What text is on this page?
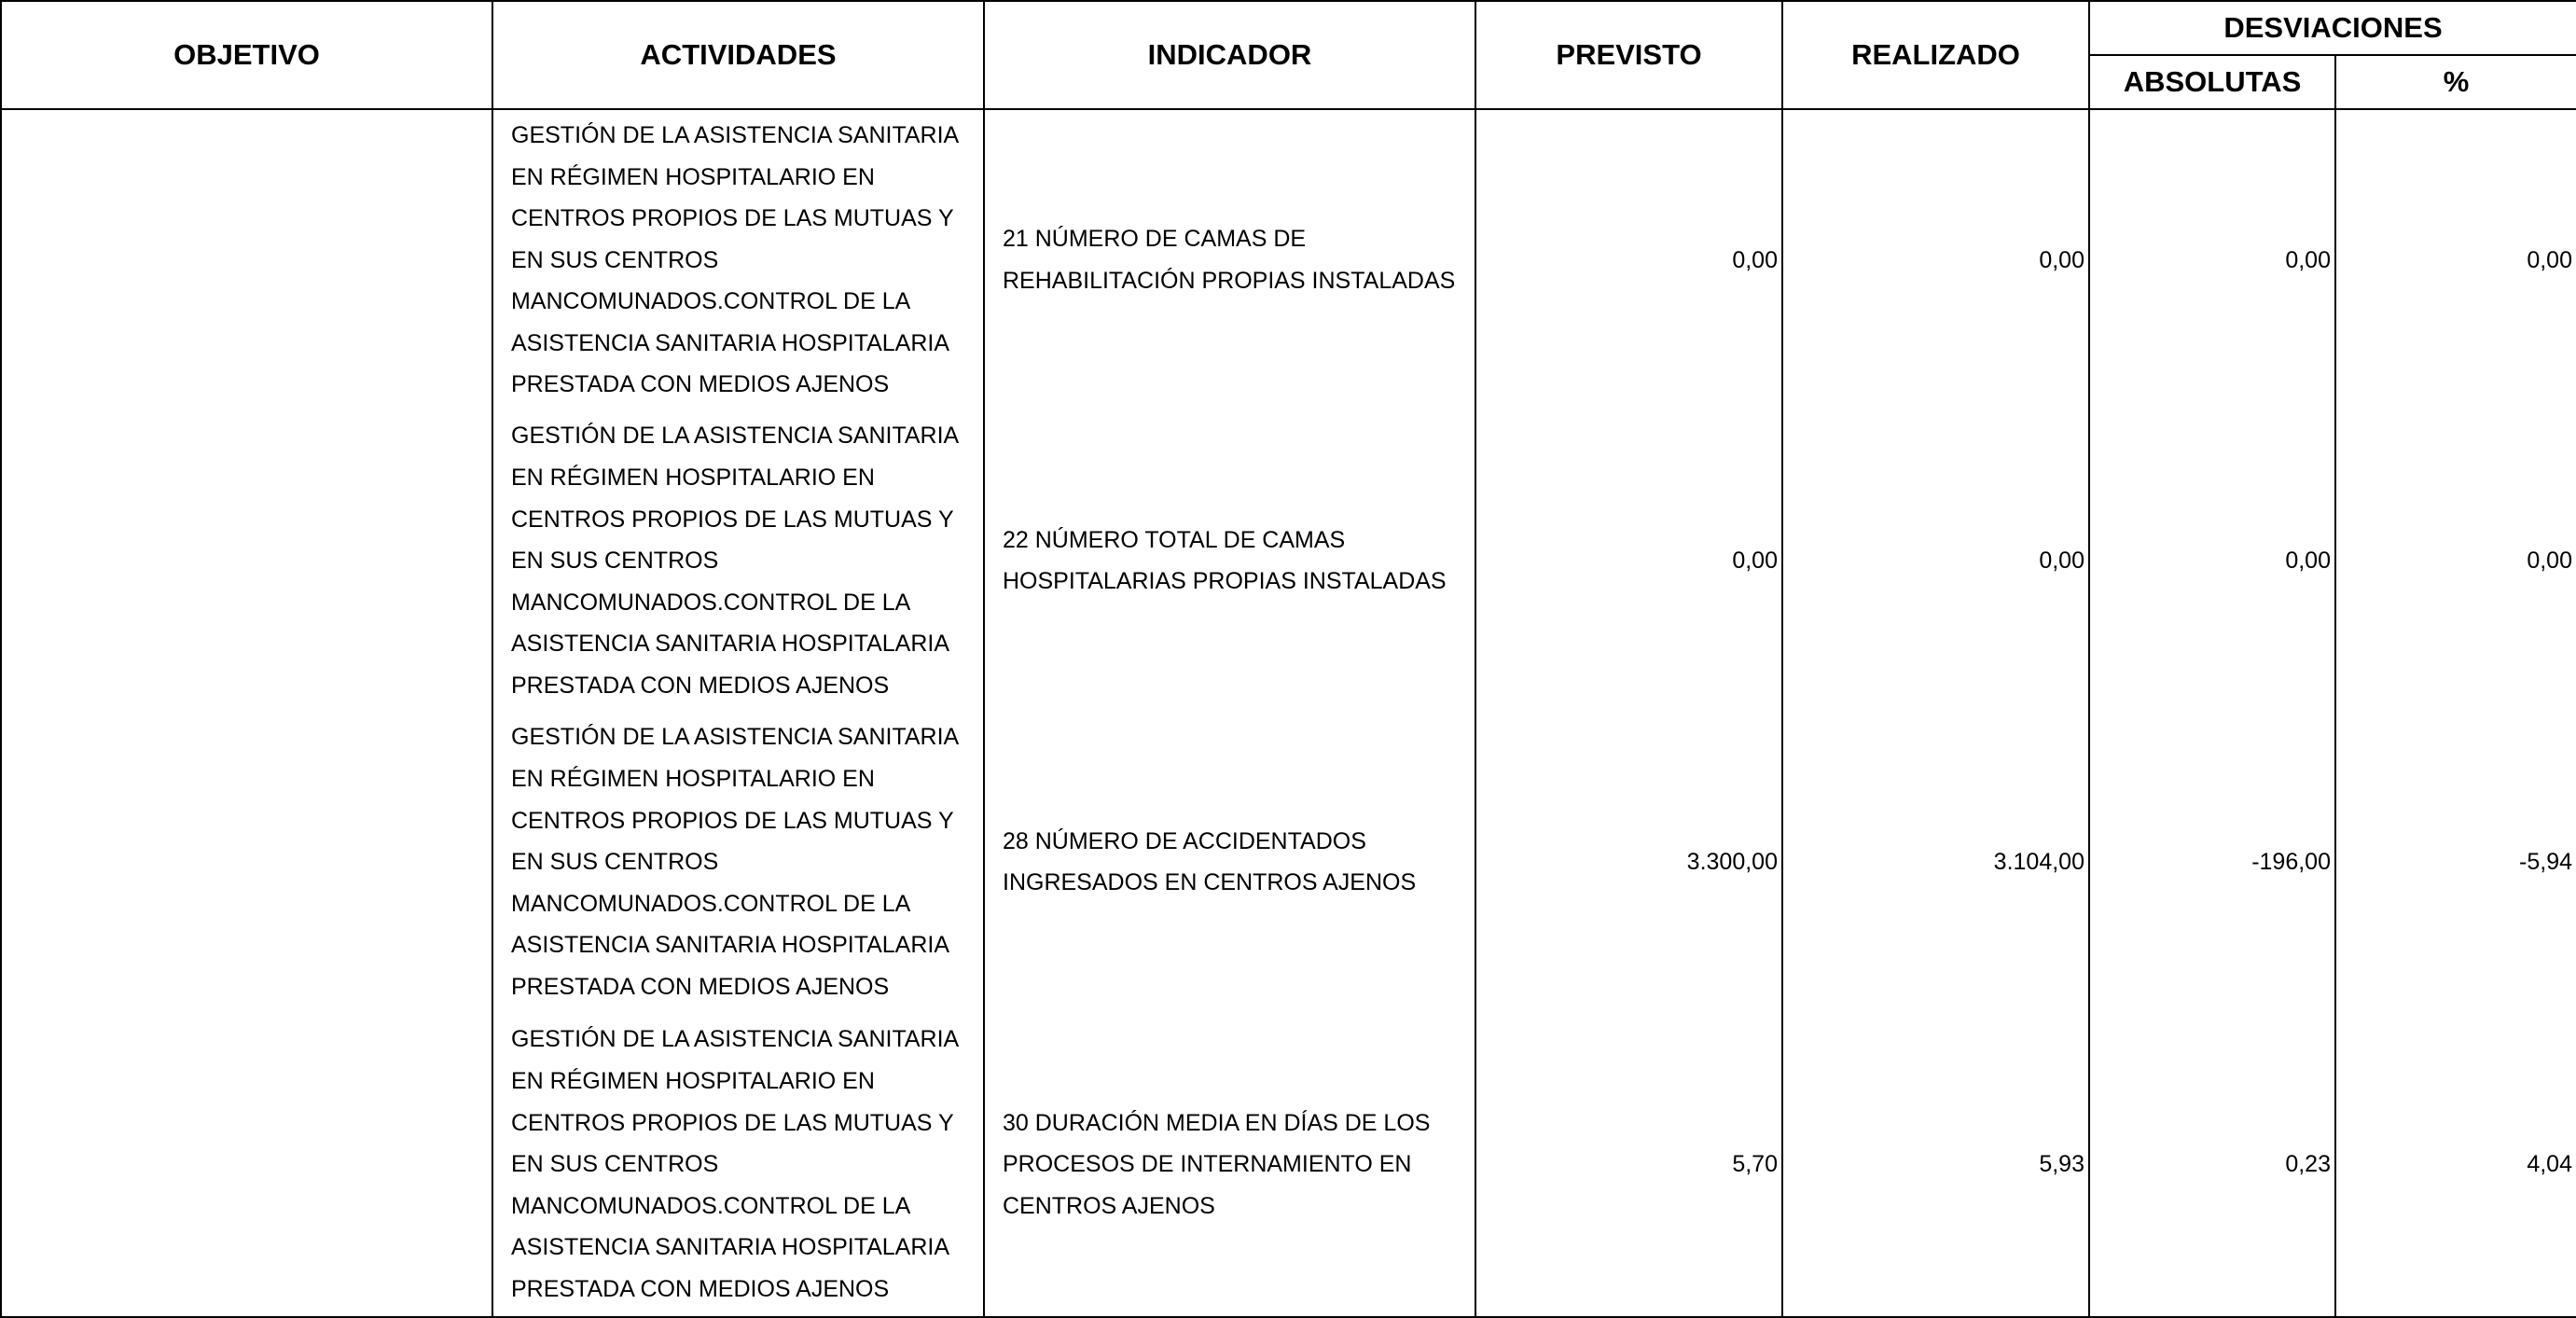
OBJETIVO	ACTIVIDADES	INDICADOR	PREVISTO	REALIZADO	DESVIACIONES	
					ABSOLUTAS	%
	GESTIÓN DE LA ASISTENCIA SANITARIA EN RÉGIMEN HOSPITALARIO EN CENTROS PROPIOS DE LAS MUTUAS Y EN SUS CENTROS MANCOMUNADOS.CONTROL DE LA ASISTENCIA SANITARIA HOSPITALARIA PRESTADA CON MEDIOS AJENOS	21 NÚMERO DE CAMAS DE REHABILITACIÓN PROPIAS INSTALADAS	0,00	0,00	0,00	0,00
	GESTIÓN DE LA ASISTENCIA SANITARIA EN RÉGIMEN HOSPITALARIO EN CENTROS PROPIOS DE LAS MUTUAS Y EN SUS CENTROS MANCOMUNADOS.CONTROL DE LA ASISTENCIA SANITARIA HOSPITALARIA PRESTADA CON MEDIOS AJENOS	22 NÚMERO TOTAL DE CAMAS HOSPITALARIAS PROPIAS INSTALADAS	0,00	0,00	0,00	0,00
	GESTIÓN DE LA ASISTENCIA SANITARIA EN RÉGIMEN HOSPITALARIO EN CENTROS PROPIOS DE LAS MUTUAS Y EN SUS CENTROS MANCOMUNADOS.CONTROL DE LA ASISTENCIA SANITARIA HOSPITALARIA PRESTADA CON MEDIOS AJENOS	28 NÚMERO DE ACCIDENTADOS INGRESADOS EN CENTROS AJENOS	3.300,00	3.104,00	-196,00	-5,94
	GESTIÓN DE LA ASISTENCIA SANITARIA EN RÉGIMEN HOSPITALARIO EN CENTROS PROPIOS DE LAS MUTUAS Y EN SUS CENTROS MANCOMUNADOS.CONTROL DE LA ASISTENCIA SANITARIA HOSPITALARIA PRESTADA CON MEDIOS AJENOS	30 DURACIÓN MEDIA EN DÍAS DE LOS PROCESOS DE INTERNAMIENTO EN CENTROS AJENOS	5,70	5,93	0,23	4,04
